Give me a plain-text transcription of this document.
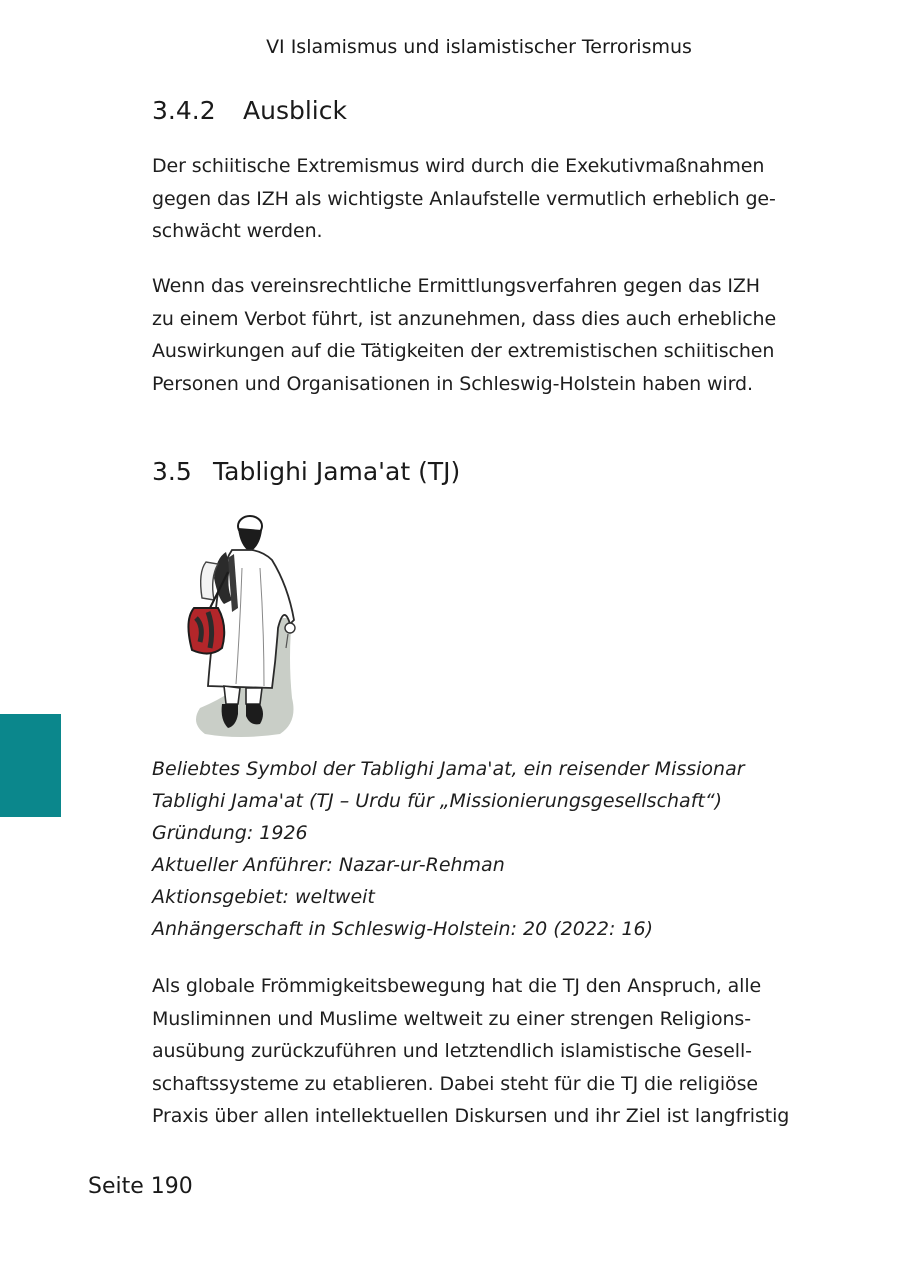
VI Islamismus und islamistischer Terrorismus
3.4.2	Ausblick

Der schiitische Extremismus wird durch die Exekutivmaßnahmen
gegen das IZH als wichtigste Anlaufstelle vermutlich erheblich ge-
schwächt werden.

Wenn das vereinsrechtliche Ermittlungsverfahren gegen das IZH
zu einem Verbot führt, ist anzunehmen, dass dies auch erhebliche
Auswirkungen auf die Tätigkeiten der extremistischen schiitischen
Personen und Organisationen in Schleswig-Holstein haben wird.

3.5 Tablighi Jama'at (TJ)
Beliebtes Symbol der Tablighi Jama'at, ein reisender Missionar
Tablighi Jama'at (TJ – Urdu für „Missionierungsgesellschaft“)
Gründung: 1926
Aktueller Anführer: Nazar-ur-Rehman
Aktionsgebiet: weltweit
Anhängerschaft in Schleswig-Holstein: 20 (2022: 16)

Als globale Frömmigkeitsbewegung hat die TJ den Anspruch, alle
Musliminnen und Muslime weltweit zu einer strengen Religions-
ausübung zurückzuführen und letztendlich islamistische Gesell-
schaftssysteme zu etablieren. Dabei steht für die TJ die religiöse
Praxis über allen intellektuellen Diskursen und ihr Ziel ist langfristig

Seite 190
